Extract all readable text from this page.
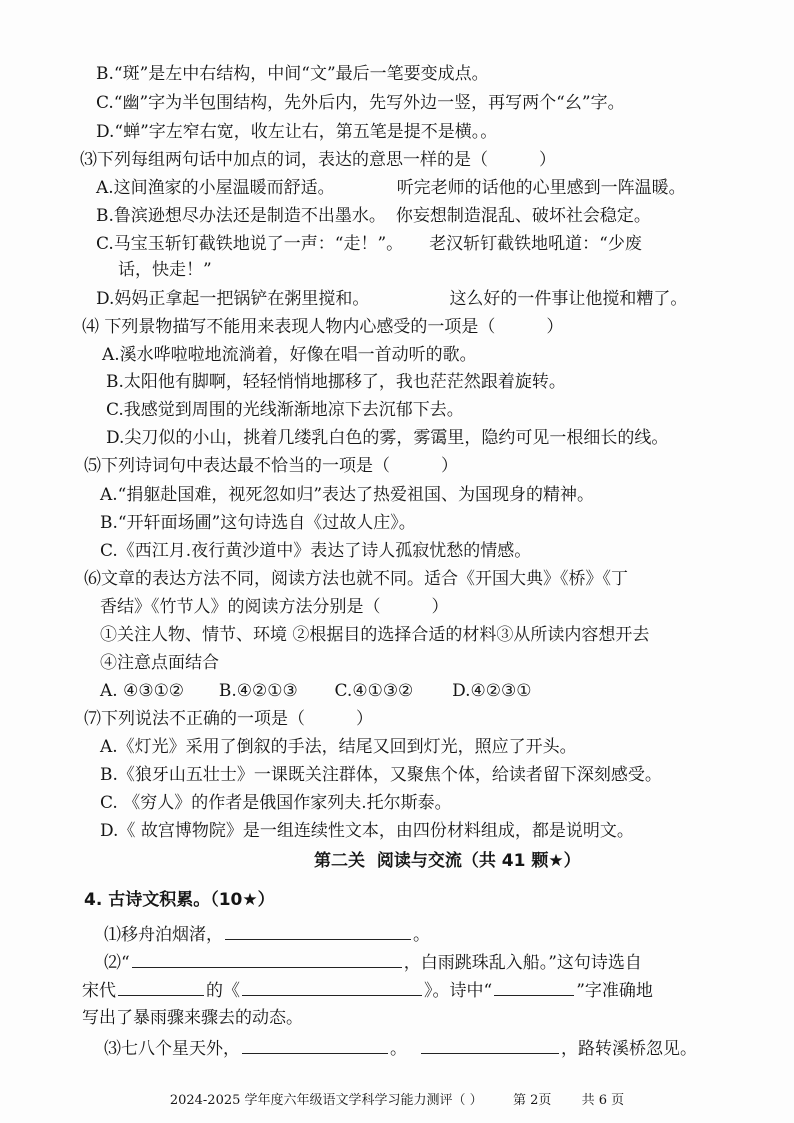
B.“斑”是左中右结构，中间“文”最后一笔要变成点。
C.“幽”字为半包围结构，先外后内，先写外边一竖，再写两个“幺”字。
D.“蝉”字左窄右宽，收左让右，第五笔是提不是横。。
⑶下列每组两句话中加点的词，表达的意思一样的是（　　　）
A.这间渔家的小屋温暖而舒适。	听完老师的话他的心里感到一阵温暖。
B.鲁滨逊想尽办法还是制造不出墨水。 你妄想制造混乱、破坏社会稳定。
C.马宝玉斩钉截铁地说了一声：“走！”。 老汉斩钉截铁地吼道：“少废
话，快走！”
D.妈妈正拿起一把锅铲在粥里搅和。	这么好的一件事让他搅和糟了。
⑷ 下列景物描写不能用来表现人物内心感受的一项是（　　　）
A.溪水哗啦啦地流淌着，好像在唱一首动听的歌。
B.太阳他有脚啊，轻轻悄悄地挪移了，我也茫茫然跟着旋转。
C.我感觉到周围的光线渐渐地凉下去沉郁下去。
D.尖刀似的小山，挑着几缕乳白色的雾，雾霭里，隐约可见一根细长的线。
⑸下列诗词句中表达最不恰当的一项是（　　　）
A.“捐躯赴国难，视死忽如归”表达了热爱祖国、为国现身的精神。
B.“开轩面场圃”这句诗选自《过故人庄》。
C.《西江月.夜行黄沙道中》表达了诗人孤寂忧愁的情感。
⑹文章的表达方法不同，阅读方法也就不同。适合《开国大典》《桥》《丁
香结》《竹节人》的阅读方法分别是（　　　）
①关注人物、情节、环境 ②根据目的选择合适的材料③从所读内容想开去
④注意点面结合
A. ④③①② B.④②①③ C.④①③② D.④②③①
⑺下列说法不正确的一项是（　　　）
A.《灯光》采用了倒叙的手法，结尾又回到灯光，照应了开头。
B.《狼牙山五壮士》一课既关注群体，又聚焦个体，给读者留下深刻感受。
C. 《穷人》的作者是俄国作家列夫.托尔斯泰。
D.《 故宫博物院》是一组连续性文本，由四份材料组成，都是说明文。
第二关  阅读与交流（共 41 颗★）
4. 古诗文积累。（10★）
⑴移舟泊烟渚，	。
⑵“	，白雨跳珠乱入船。”这句诗选自
宋代	的《	》。诗中“	”字准确地
写出了暴雨骤来骤去的动态。
⑶七八个星天外，	。	，路转溪桥忽见。
2024-2025 学年度六年级语文学科学习能力测评（ ） 第 2页 共 6 页
